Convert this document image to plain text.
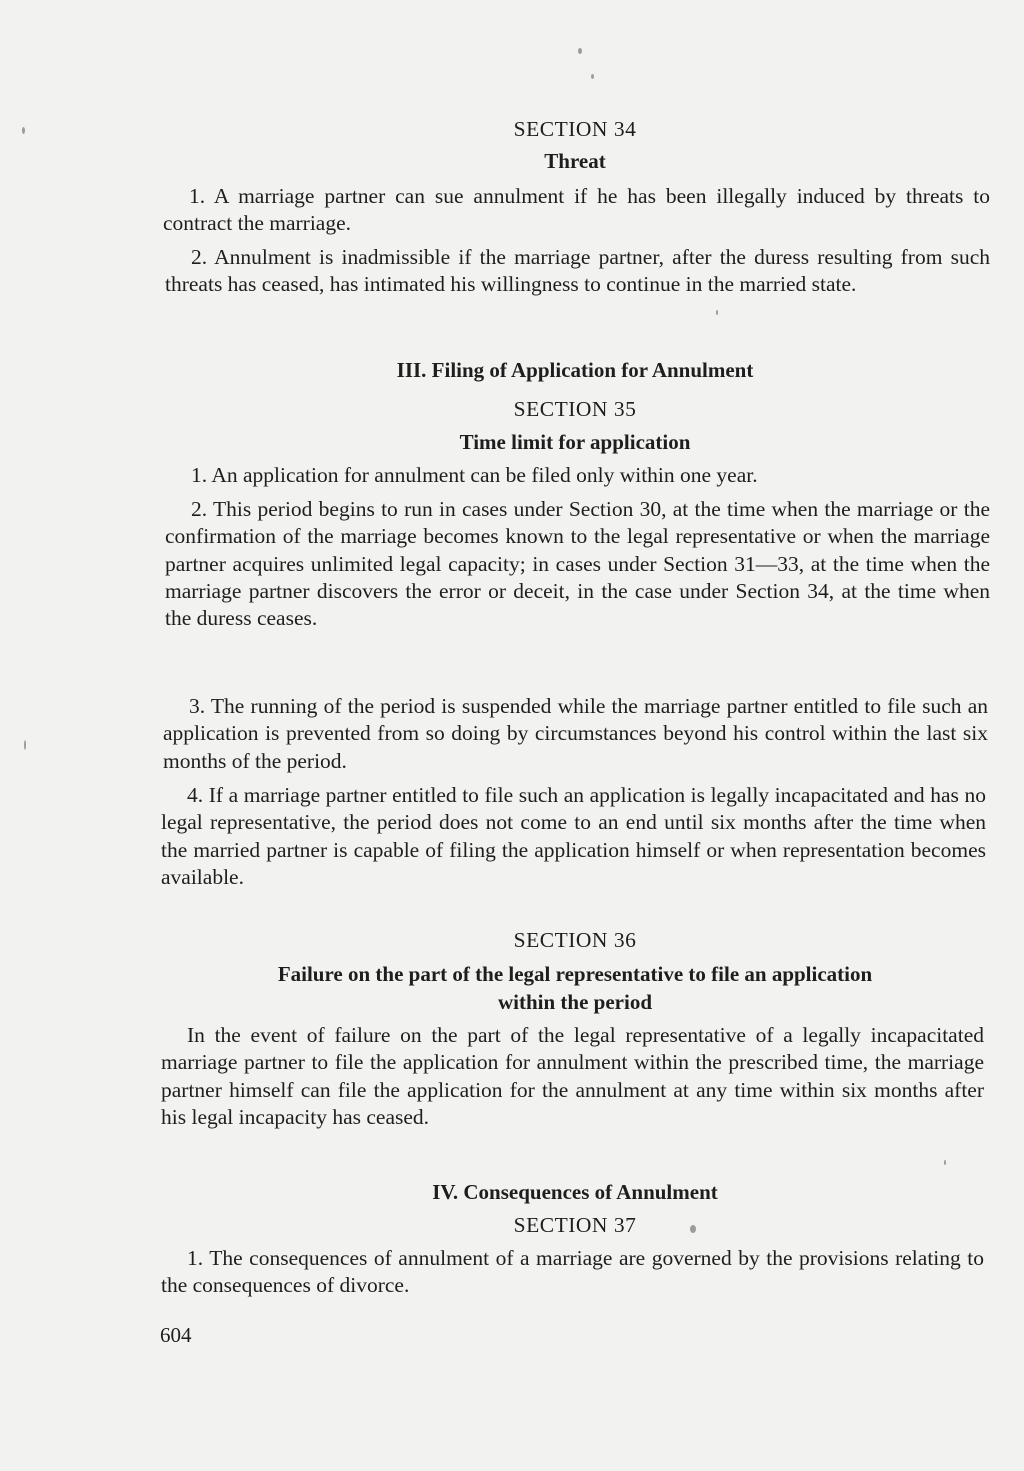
SECTION 34
Threat

1. A marriage partner can sue annulment if he has been illegally induced by threats to contract the marriage.

2. Annulment is inadmissible if the marriage partner, after the duress resulting from such threats has ceased, has intimated his willingness to continue in the married state.

III. Filing of Application for Annulment
SECTION 35
Time limit for application

1. An application for annulment can be filed only within one year.

2. This period begins to run in cases under Section 30, at the time when the marriage or the confirmation of the marriage becomes known to the legal representative or when the marriage partner acquires unlimited legal capacity; in cases under Section 31—33, at the time when the marriage partner discovers the error or deceit, in the case under Section 34, at the time when the duress ceases.

3. The running of the period is suspended while the marriage partner entitled to file such an application is prevented from so doing by circumstances beyond his control within the last six months of the period.

4. If a marriage partner entitled to file such an application is legally incapacitated and has no legal representative, the period does not come to an end until six months after the time when the married partner is capable of filing the application himself or when representation becomes available.

SECTION 36
Failure on the part of the legal representative to file an application
within the period

In the event of failure on the part of the legal representative of a legally incapacitated marriage partner to file the application for annulment within the prescribed time, the marriage partner himself can file the application for the annulment at any time within six months after his legal incapacity has ceased.

IV. Consequences of Annulment
SECTION 37

1. The consequences of annulment of a marriage are governed by the provisions relating to the consequences of divorce.

604
